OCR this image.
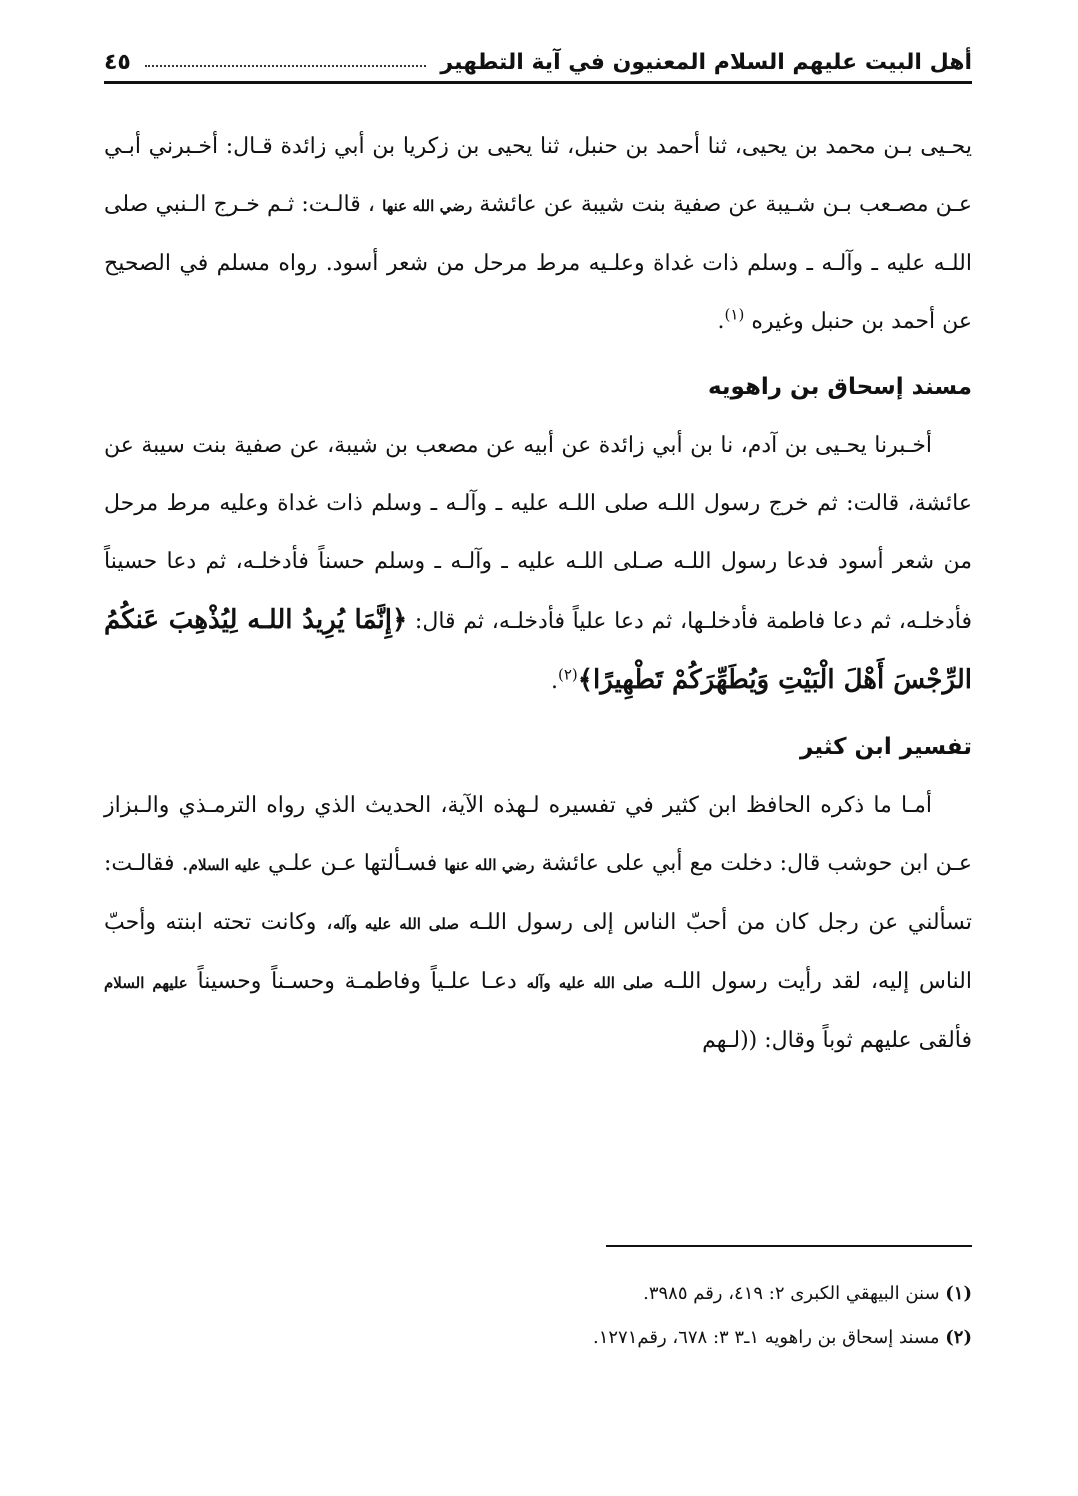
أهل البيت عليهم السلام المعنيون في آية التطهير
٤٥

يحـيى بـن محمد بن يحيى، ثنا أحمد بن حنبل، ثنا يحيى بن زكريا بن أبي زائدة قـال: أخـبرني أبـي عـن مصـعب بـن شـيبة عن صفية بنت شيبة عن عائشة رضي الله عنها ، قالـت: ثـم خـرج الـنبي صلى اللـه عليه ـ وآلـه ـ وسلم ذات غداة وعلـيه مرط مرحل من شعر أسود. رواه مسلم في الصحيح عن أحمد بن حنبل وغيره $^{(١)}$.

مسند إسحاق بن راهويه

أخـبرنا يحـيى بن آدم، نا بن أبي زائدة عن أبيه عن مصعب بن شيبة، عن صفية بنت سيبة عن عائشة، قالت: ثم خرج رسول اللـه صلى اللـه عليه ـ وآلـه ـ وسلم ذات غداة وعليه مرط مرحل من شعر أسود فدعا رسول اللـه صـلى اللـه عليه ـ وآلـه ـ وسلم حسناً فأدخلـه، ثم دعا حسيناً فأدخلـه، ثم دعا فاطمة فأدخلـها، ثم دعا علياً فأدخلـه، ثم قال: ﴿إِنَّمَا يُرِيدُ اللـه لِيُذْهِبَ عَنكُمُ الرِّجْسَ أَهْلَ الْبَيْتِ وَيُطَهِّرَكُمْ تَطْهِيرًا﴾$^{(٢)}$.

تفسير ابن كثير

أمـا ما ذكره الحافظ ابن كثير في تفسيره لـهذه الآية، الحديث الذي رواه الترمـذي والـبزاز عـن ابن حوشب قال: دخلت مع أبي على عائشة رضي الله عنها فسـألتها عـن علـي عليه السلام. فقالـت: تسألني عن رجل كان من أحبّ الناس إلى رسول اللـه صلى الله عليه وآله، وكانت تحته ابنته وأحبّ الناس إليه، لقد رأيت رسول اللـه صلى الله عليه وآله دعـا علـياً وفاطمـة وحسـناً وحسيناً عليهم السلام فألقى عليهم ثوباً وقال: ((لـهم

(١) سنن البيهقي الكبرى ٢: ٤١٩، رقم ٣٩٨٥.

(٢) مسند إسحاق بن راهويه ١ـ٣ ٣: ٦٧٨، رقم١٢٧١.
